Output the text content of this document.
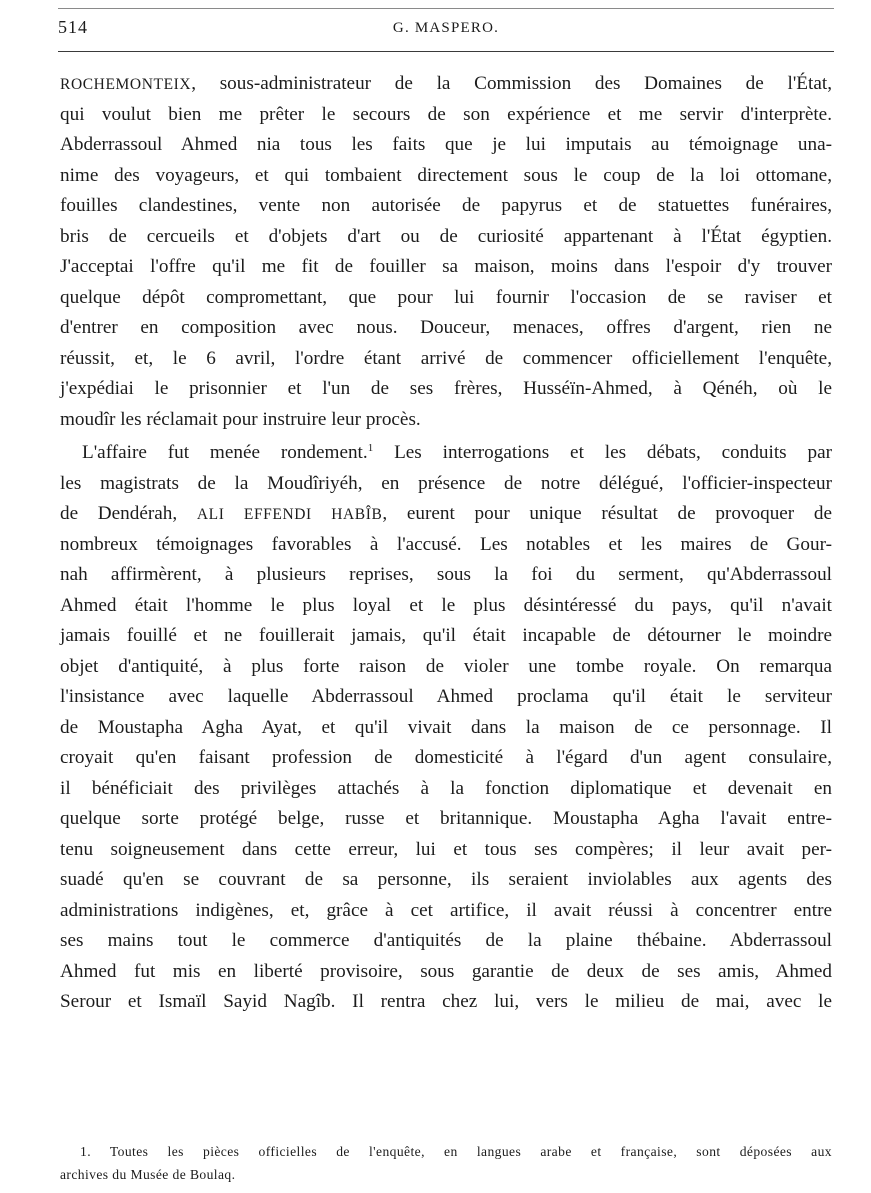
514	G. MASPERO.
ROCHEMONTEIX, sous-administrateur de la Commission des Domaines de l'État,
qui voulut bien me prêter le secours de son expérience et me servir d'interprète.
Abderrassoul Ahmed nia tous les faits que je lui imputais au témoignage una-
nime des voyageurs, et qui tombaient directement sous le coup de la loi ottomane,
fouilles clandestines, vente non autorisée de papyrus et de statuettes funéraires,
bris de cercueils et d'objets d'art ou de curiosité appartenant à l'État égyptien.
J'acceptai l'offre qu'il me fit de fouiller sa maison, moins dans l'espoir d'y trouver
quelque dépôt compromettant, que pour lui fournir l'occasion de se raviser et
d'entrer en composition avec nous. Douceur, menaces, offres d'argent, rien ne
réussit, et, le 6 avril, l'ordre étant arrivé de commencer officiellement l'enquête,
j'expédiai le prisonnier et l'un de ses frères, Husséïn-Ahmed, à Qénéh, où le
moudîr les réclamait pour instruire leur procès.
L'affaire fut menée rondement.$^1$ Les interrogations et les débats, conduits par
les magistrats de la Moudîriyéh, en présence de notre délégué, l'officier-inspecteur
de Dendérah, ALI EFFENDI HABÎB, eurent pour unique résultat de provoquer de
nombreux témoignages favorables à l'accusé. Les notables et les maires de Gour-
nah affirmèrent, à plusieurs reprises, sous la foi du serment, qu'Abderrassoul
Ahmed était l'homme le plus loyal et le plus désintéressé du pays, qu'il n'avait
jamais fouillé et ne fouillerait jamais, qu'il était incapable de détourner le moindre
objet d'antiquité, à plus forte raison de violer une tombe royale. On remarqua
l'insistance avec laquelle Abderrassoul Ahmed proclama qu'il était le serviteur
de Moustapha Agha Ayat, et qu'il vivait dans la maison de ce personnage. Il
croyait qu'en faisant profession de domesticité à l'égard d'un agent consulaire,
il bénéficiait des privilèges attachés à la fonction diplomatique et devenait en
quelque sorte protégé belge, russe et britannique. Moustapha Agha l'avait entre-
tenu soigneusement dans cette erreur, lui et tous ses compères; il leur avait per-
suadé qu'en se couvrant de sa personne, ils seraient inviolables aux agents des
administrations indigènes, et, grâce à cet artifice, il avait réussi à concentrer entre
ses mains tout le commerce d'antiquités de la plaine thébaine. Abderrassoul
Ahmed fut mis en liberté provisoire, sous garantie de deux de ses amis, Ahmed
Serour et Ismaïl Sayid Nagîb. Il rentra chez lui, vers le milieu de mai, avec le
1. Toutes les pièces officielles de l'enquête, en langues arabe et française, sont déposées aux
archives du Musée de Boulaq.
